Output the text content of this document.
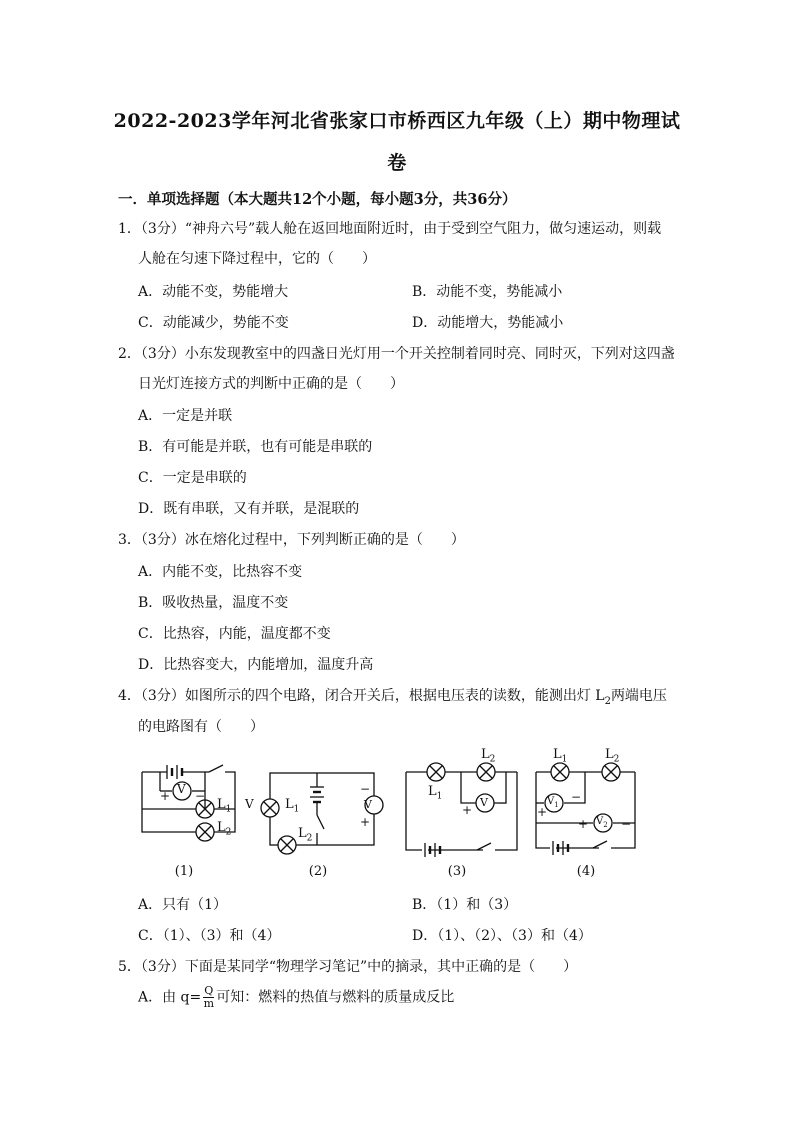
2022-2023学年河北省张家口市桥西区九年级（上）期中物理试
卷
一．单项选择题（本大题共12个小题，每小题3分，共36分）
1．（3分）“神舟六号”载人舱在返回地面附近时，由于受到空气阻力，做匀速运动，则载
人舱在匀速下降过程中，它的（　　）
A．动能不变，势能增大	B．动能不变，势能减小
C．动能减少，势能不变	D．动能增大，势能减小
2．（3分）小东发现教室中的四盏日光灯用一个开关控制着同时亮、同时灭，下列对这四盏
日光灯连接方式的判断中正确的是（　　）
A．一定是并联
B．有可能是并联，也有可能是串联的
C．一定是串联的
D．既有串联，又有并联，是混联的
3．（3分）冰在熔化过程中，下列判断正确的是（　　）
A．内能不变，比热容不变
B．吸收热量，温度不变
C．比热容，内能，温度都不变
D．比热容变大，内能增加，温度升高
4．（3分）如图所示的四个电路，闭合开关后，根据电压表的读数，能测出灯 $L_2$两端电压
的电路图有（　　）
V
+ −
$L_1$
$L_2$
$L_1$
$L_2$
V
−
+
V
$L_1$
$L_2$
V
+ −
$L_1$	$L_2$
$V_1$
$V_2$
+
−
+	−
(1)	(2)	(3)	(4)
A．只有（1）	B．（1）和（3）
C．（1）、（3）和（4）	D．（1）、（2）、（3）和（4）
5．（3分）下面是某同学“物理学习笔记”中的摘录，其中正确的是（　　）
A．由 $q= \frac{Q}{m}$ 可知：燃料的热值与燃料的质量成反比
